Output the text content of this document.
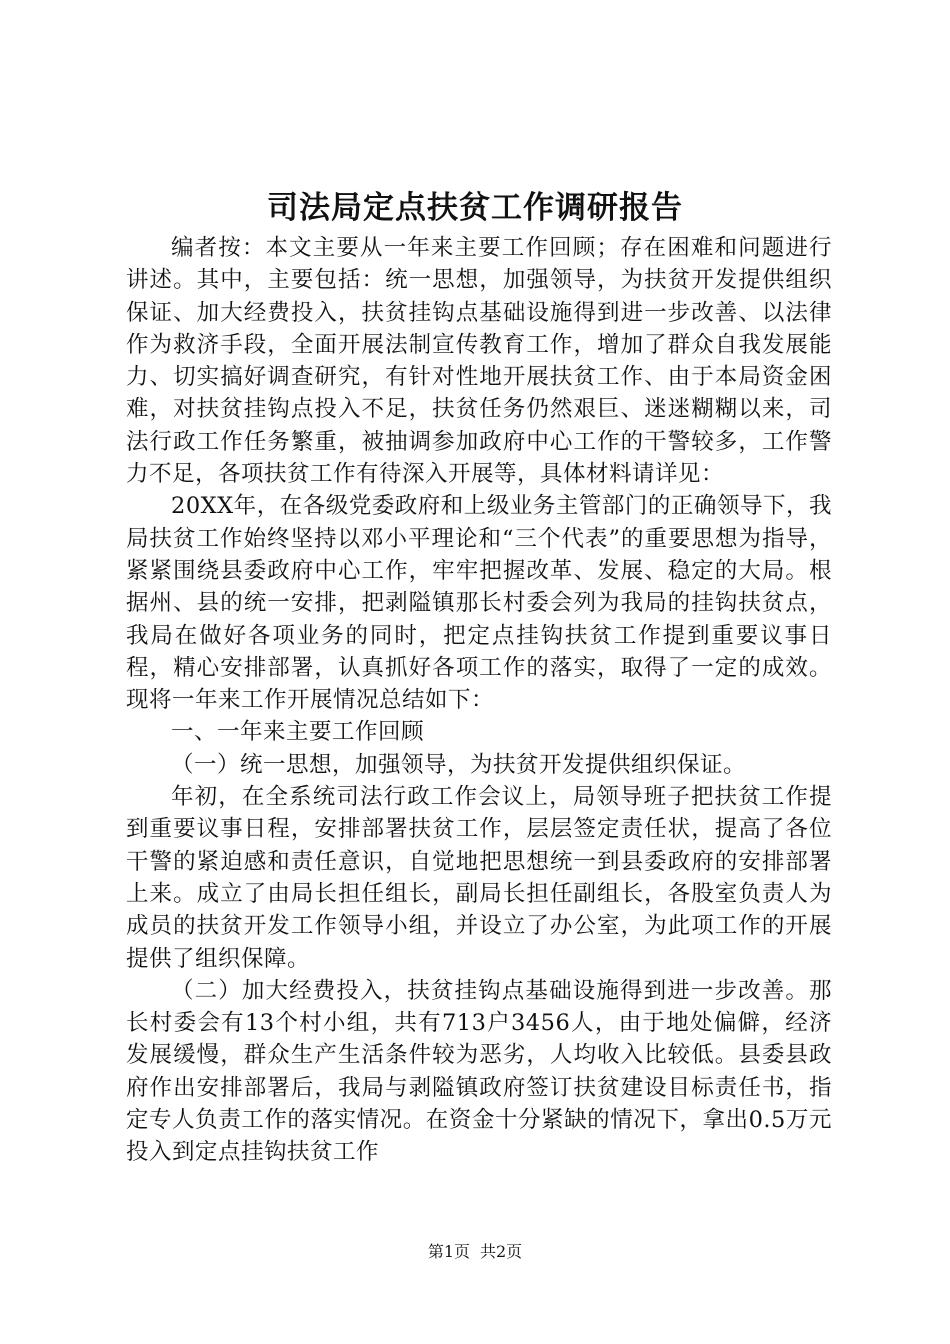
司法局定点扶贫工作调研报告

编者按：本文主要从一年来主要工作回顾；存在困难和问题进行讲述。其中，主要包括：统一思想，加强领导，为扶贫开发提供组织保证、加大经费投入，扶贫挂钩点基础设施得到进一步改善、以法律作为救济手段，全面开展法制宣传教育工作，增加了群众自我发展能力、切实搞好调查研究，有针对性地开展扶贫工作、由于本局资金困难，对扶贫挂钩点投入不足，扶贫任务仍然艰巨、迷迷糊糊以来，司法行政工作任务繁重，被抽调参加政府中心工作的干警较多，工作警力不足，各项扶贫工作有待深入开展等，具体材料请详见：

20XX年，在各级党委政府和上级业务主管部门的正确领导下，我局扶贫工作始终坚持以邓小平理论和“三个代表”的重要思想为指导，紧紧围绕县委政府中心工作，牢牢把握改革、发展、稳定的大局。根据州、县的统一安排，把剥隘镇那长村委会列为我局的挂钩扶贫点，我局在做好各项业务的同时，把定点挂钩扶贫工作提到重要议事日程，精心安排部署，认真抓好各项工作的落实，取得了一定的成效。现将一年来工作开展情况总结如下：

一、一年来主要工作回顾

（一）统一思想，加强领导，为扶贫开发提供组织保证。

年初，在全系统司法行政工作会议上，局领导班子把扶贫工作提到重要议事日程，安排部署扶贫工作，层层签定责任状，提高了各位干警的紧迫感和责任意识，自觉地把思想统一到县委政府的安排部署上来。成立了由局长担任组长，副局长担任副组长，各股室负责人为成员的扶贫开发工作领导小组，并设立了办公室，为此项工作的开展提供了组织保障。

（二）加大经费投入，扶贫挂钩点基础设施得到进一步改善。那长村委会有13个村小组，共有713户3456人，由于地处偏僻，经济发展缓慢，群众生产生活条件较为恶劣，人均收入比较低。县委县政府作出安排部署后，我局与剥隘镇政府签订扶贫建设目标责任书，指定专人负责工作的落实情况。在资金十分紧缺的情况下，拿出0.5万元投入到定点挂钩扶贫工作

第1页 共2页
